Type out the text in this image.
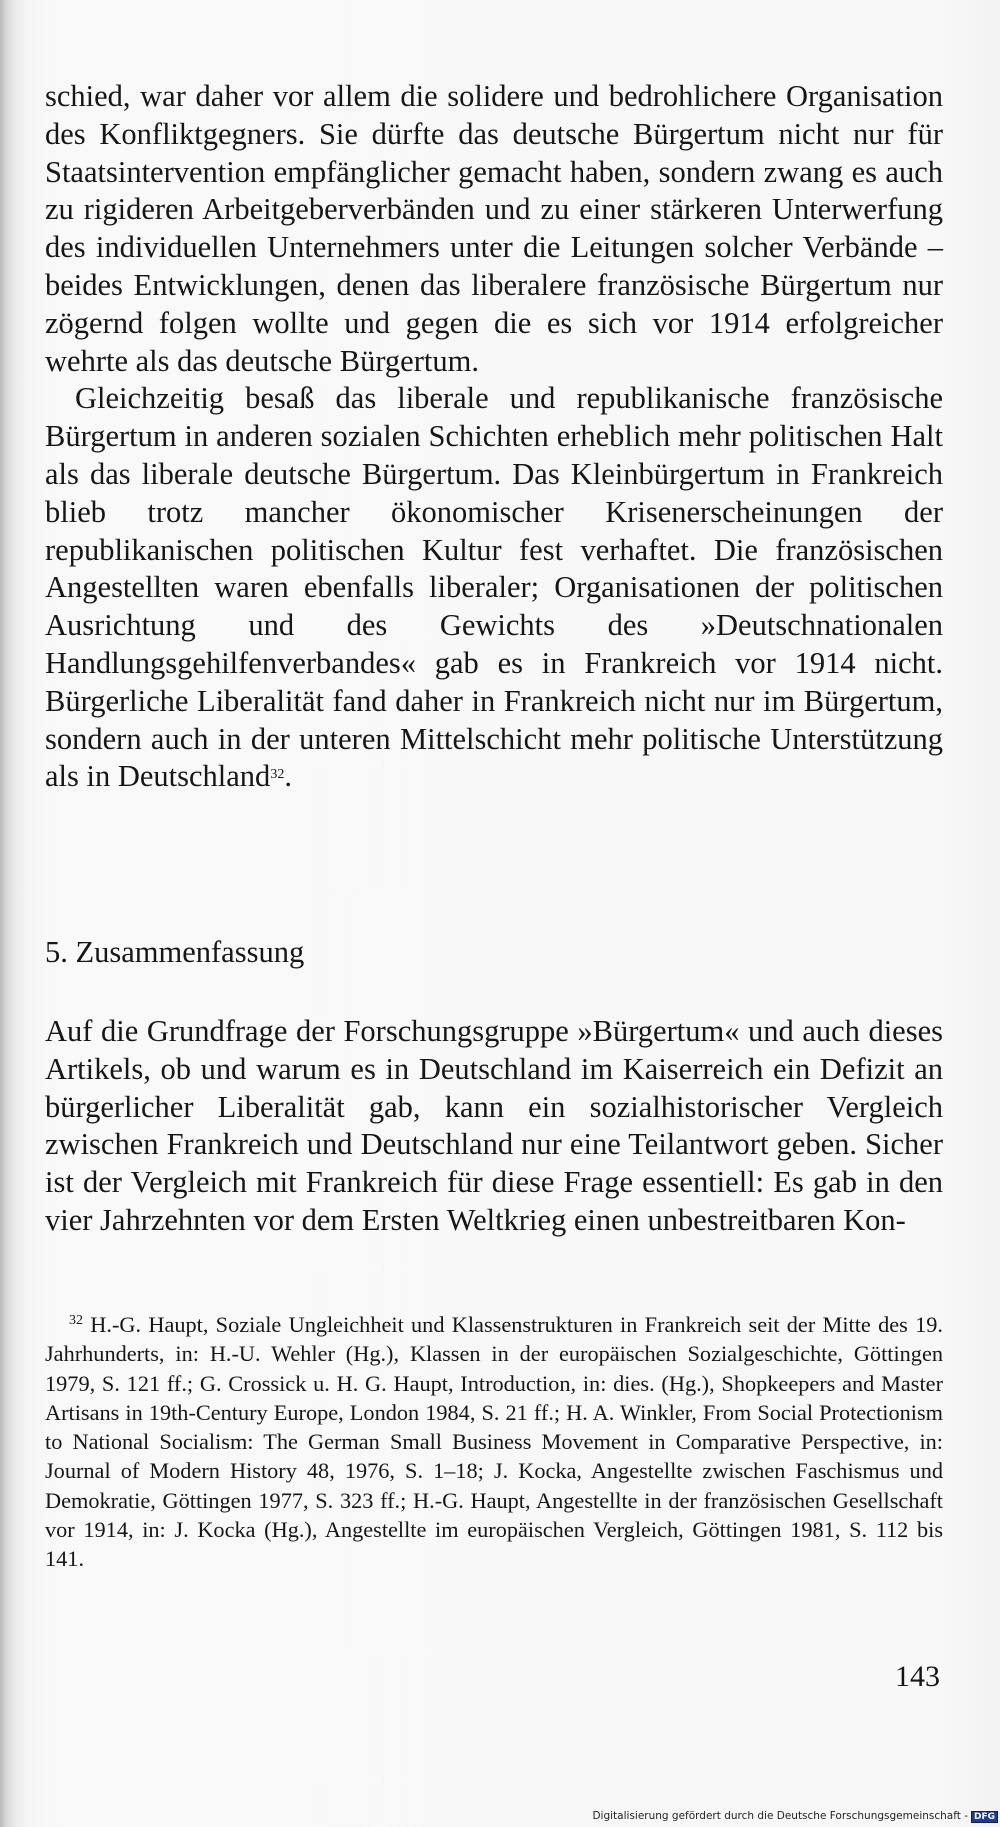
schied, war daher vor allem die solidere und bedrohlichere Organisation des Konfliktgegners. Sie dürfte das deutsche Bürgertum nicht nur für Staatsintervention empfänglicher gemacht haben, sondern zwang es auch zu rigideren Arbeitgeberverbänden und zu einer stärkeren Unterwerfung des individuellen Unternehmers unter die Leitungen solcher Verbände – beides Entwicklungen, denen das liberalere französische Bürgertum nur zögernd folgen wollte und gegen die es sich vor 1914 erfolgreicher wehrte als das deutsche Bürgertum.

Gleichzeitig besaß das liberale und republikanische französische Bürgertum in anderen sozialen Schichten erheblich mehr politischen Halt als das liberale deutsche Bürgertum. Das Kleinbürgertum in Frankreich blieb trotz mancher ökonomischer Krisenerscheinungen der republikanischen politischen Kultur fest verhaftet. Die französischen Angestellten waren ebenfalls liberaler; Organisationen der politischen Ausrichtung und des Gewichts des »Deutschnationalen Handlungsgehilfenverbandes« gab es in Frankreich vor 1914 nicht. Bürgerliche Liberalität fand daher in Frankreich nicht nur im Bürgertum, sondern auch in der unteren Mittelschicht mehr politische Unterstützung als in Deutschland$^{32}$.

5. Zusammenfassung

Auf die Grundfrage der Forschungsgruppe »Bürgertum« und auch dieses Artikels, ob und warum es in Deutschland im Kaiserreich ein Defizit an bürgerlicher Liberalität gab, kann ein sozialhistorischer Vergleich zwischen Frankreich und Deutschland nur eine Teilantwort geben. Sicher ist der Vergleich mit Frankreich für diese Frage essentiell: Es gab in den vier Jahrzehnten vor dem Ersten Weltkrieg einen unbestreitbaren Kon-

$^{32}$ H.-G. Haupt, Soziale Ungleichheit und Klassenstrukturen in Frankreich seit der Mitte des 19. Jahrhunderts, in: H.-U. Wehler (Hg.), Klassen in der europäischen Sozialgeschichte, Göttingen 1979, S. 121 ff.; G. Crossick u. H. G. Haupt, Introduction, in: dies. (Hg.), Shopkeepers and Master Artisans in 19th-Century Europe, London 1984, S. 21 ff.; H. A. Winkler, From Social Protectionism to National Socialism: The German Small Business Movement in Comparative Perspective, in: Journal of Modern History 48, 1976, S. 1–18; J. Kocka, Angestellte zwischen Faschismus und Demokratie, Göttingen 1977, S. 323 ff.; H.-G. Haupt, Angestellte in der französischen Gesellschaft vor 1914, in: J. Kocka (Hg.), Angestellte im europäischen Vergleich, Göttingen 1981, S. 112 bis 141.

143
Digitalisierung gefördert durch die Deutsche Forschungsgemeinschaft - DFG
